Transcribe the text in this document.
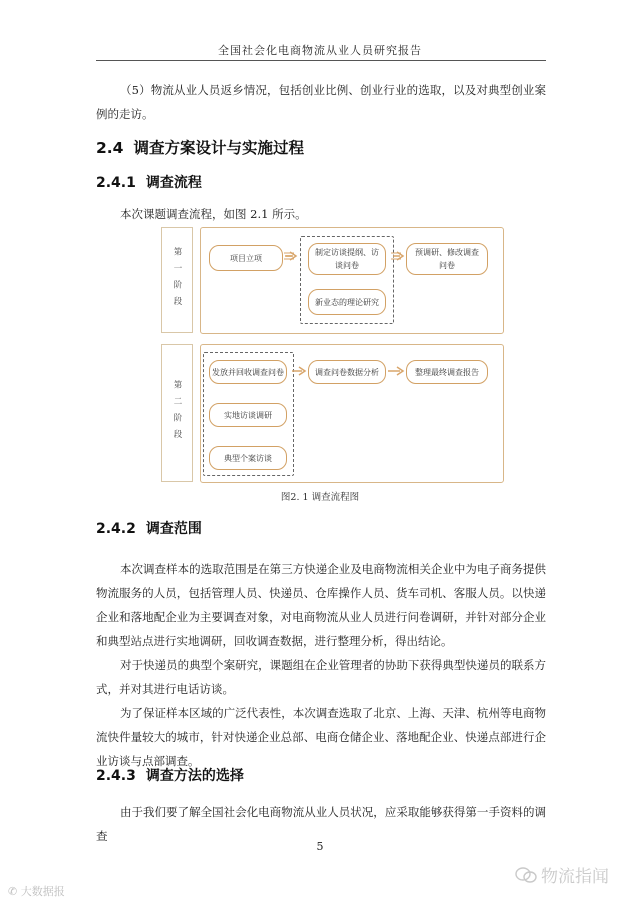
全国社会化电商物流从业人员研究报告
（5）物流从业人员返乡情况，包括创业比例、创业行业的选取，以及对典型创业案例的走访。
2.4 调查方案设计与实施过程
2.4.1 调查流程
本次课题调查流程，如图 2.1 所示。
第一阶段	项目立项
制定访谈提纲、访谈问卷
新业态的理论研究
预调研、修改调查问卷
第二阶段
发放并回收调查问卷
实地访谈调研
典型个案访谈
调查问卷数据分析	整理最终调查报告
图2. 1 调查流程图
2.4.2 调查范围
本次调查样本的选取范围是在第三方快递企业及电商物流相关企业中为电子商务提供物流服务的人员，包括管理人员、快递员、仓库操作人员、货车司机、客服人员。以快递企业和落地配企业为主要调查对象，对电商物流从业人员进行问卷调研，并针对部分企业和典型站点进行实地调研，回收调查数据，进行整理分析，得出结论。
对于快递员的典型个案研究，课题组在企业管理者的协助下获得典型快递员的联系方式，并对其进行电话访谈。
为了保证样本区域的广泛代表性，本次调查选取了北京、上海、天津、杭州等电商物流快件量较大的城市，针对快递企业总部、电商仓储企业、落地配企业、快递点部进行企业访谈与点部调查。
2.4.3 调查方法的选择
由于我们要了解全国社会化电商物流从业人员状况，应采取能够获得第一手资料的调查
5
物流指闻
✆ 大数据报
